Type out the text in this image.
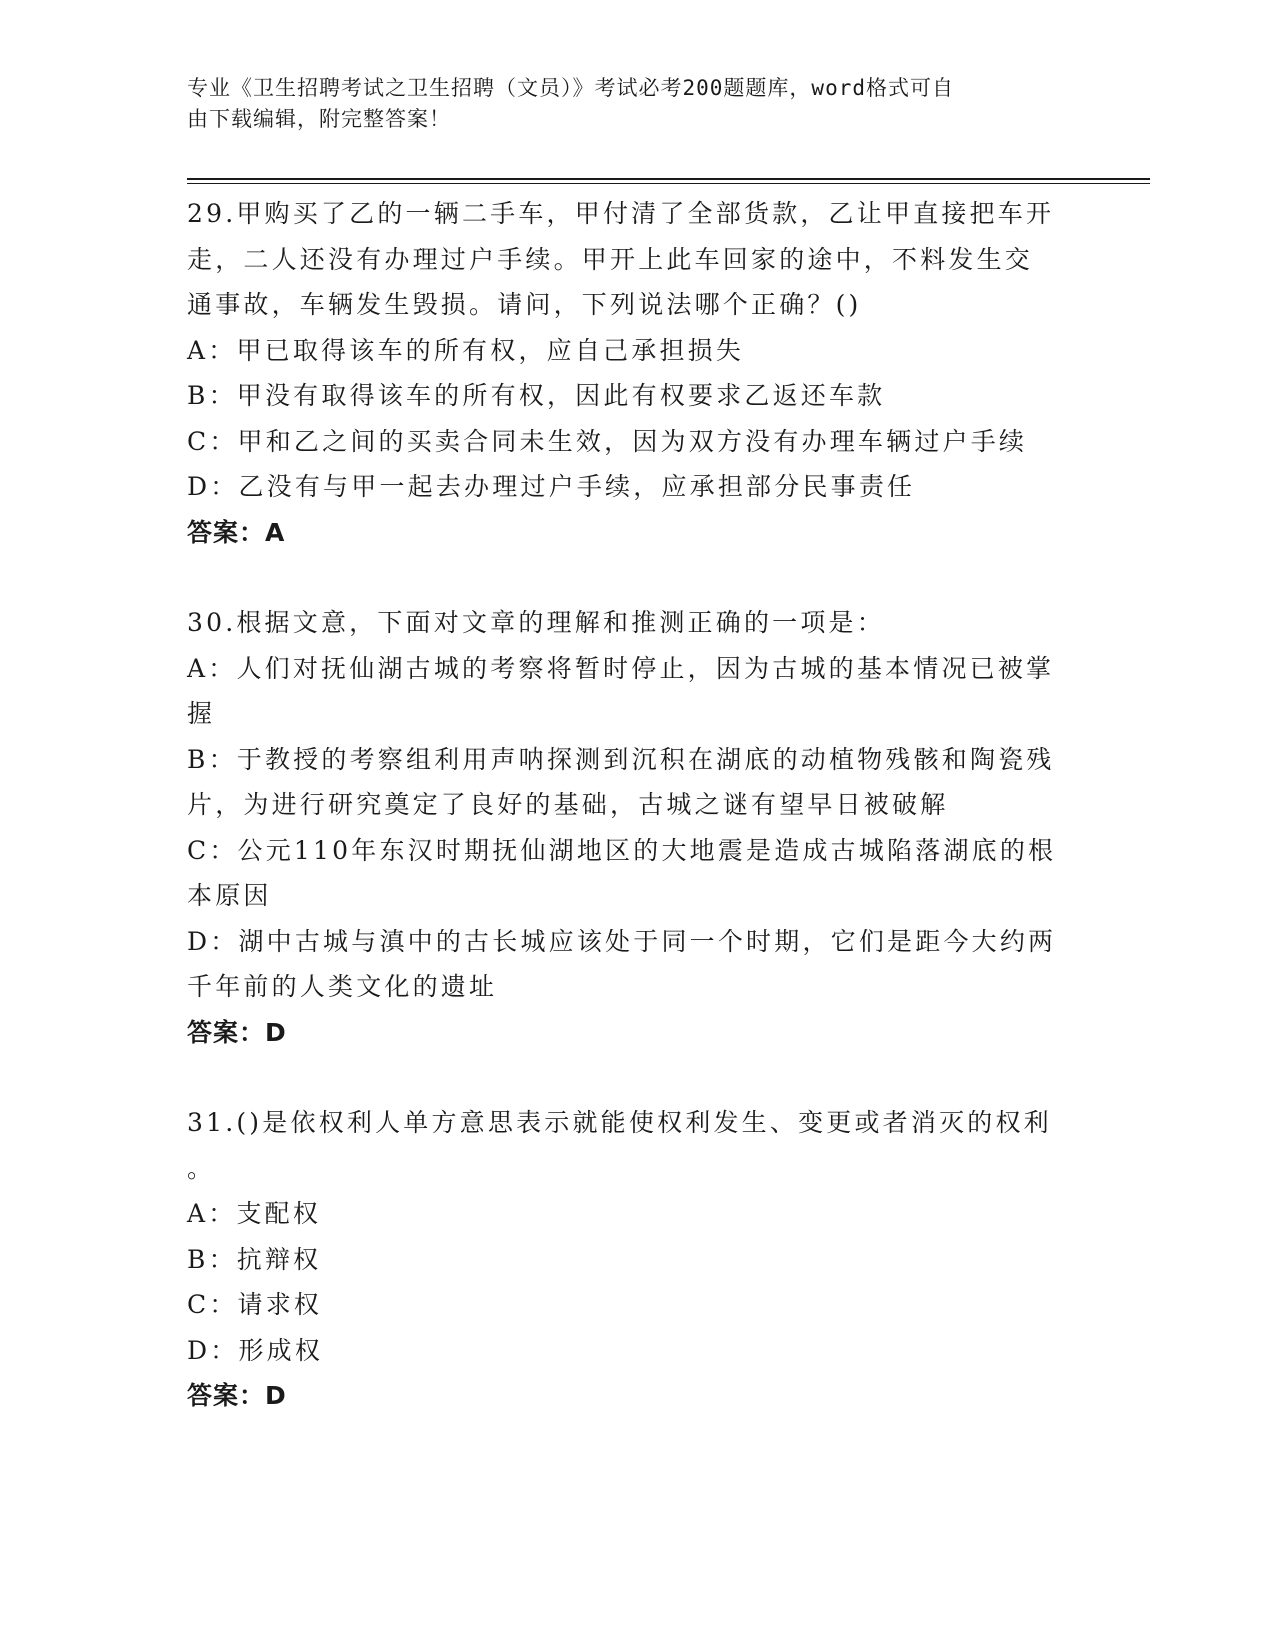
专业《卫生招聘考试之卫生招聘（文员）》考试必考200题题库，word格式可自
由下载编辑，附完整答案！

29.甲购买了乙的一辆二手车，甲付清了全部货款，乙让甲直接把车开

走，二人还没有办理过户手续。甲开上此车回家的途中，不料发生交

通事故，车辆发生毁损。请问，下列说法哪个正确？()

A：甲已取得该车的所有权，应自己承担损失

B：甲没有取得该车的所有权，因此有权要求乙返还车款

C：甲和乙之间的买卖合同未生效，因为双方没有办理车辆过户手续

D：乙没有与甲一起去办理过户手续，应承担部分民事责任

答案：A

30.根据文意，下面对文章的理解和推测正确的一项是：

A：人们对抚仙湖古城的考察将暂时停止，因为古城的基本情况已被掌

握

B：于教授的考察组利用声呐探测到沉积在湖底的动植物残骸和陶瓷残

片，为进行研究奠定了良好的基础，古城之谜有望早日被破解

C：公元110年东汉时期抚仙湖地区的大地震是造成古城陷落湖底的根

本原因

D：湖中古城与滇中的古长城应该处于同一个时期，它们是距今大约两

千年前的人类文化的遗址

答案：D

31.()是依权利人单方意思表示就能使权利发生、变更或者消灭的权利

。

A：支配权

B：抗辩权

C：请求权

D：形成权

答案：D
